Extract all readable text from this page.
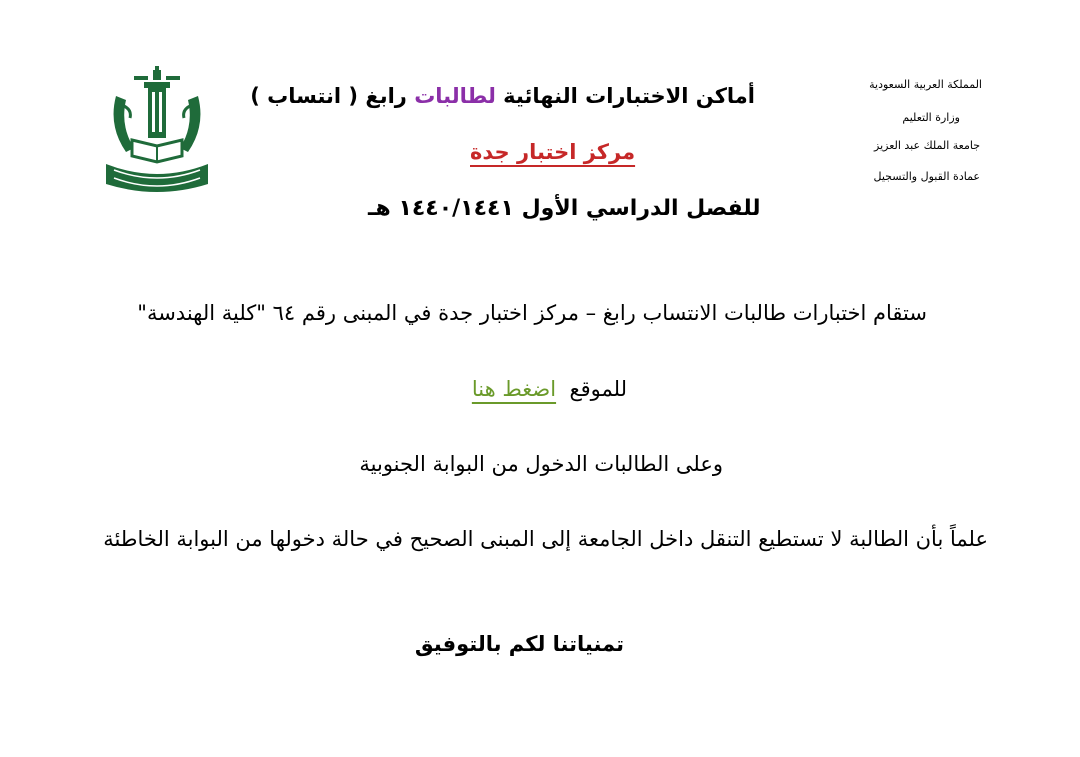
المملكة العربية السعودية
وزارة التعليم
جامعة الملك عبد العزيز
عمادة القبول والتسجيل
أماكن الاختبارات النهائية لطالبات رابغ ( انتساب )
مركز اختبار جدة
للفصل الدراسي الأول ١٤٤٠/١٤٤١ هـ
ستقام اختبارات طالبات الانتساب رابغ – مركز اختبار جدة في المبنى رقم ٦٤ "كلية الهندسة"
للموقع  اضغط هنا
وعلى الطالبات الدخول من البوابة الجنوبية
علماً بأن الطالبة لا تستطيع التنقل داخل الجامعة إلى المبنى الصحيح في حالة دخولها من البوابة الخاطئة
تمنياتنا لكم بالتوفيق
